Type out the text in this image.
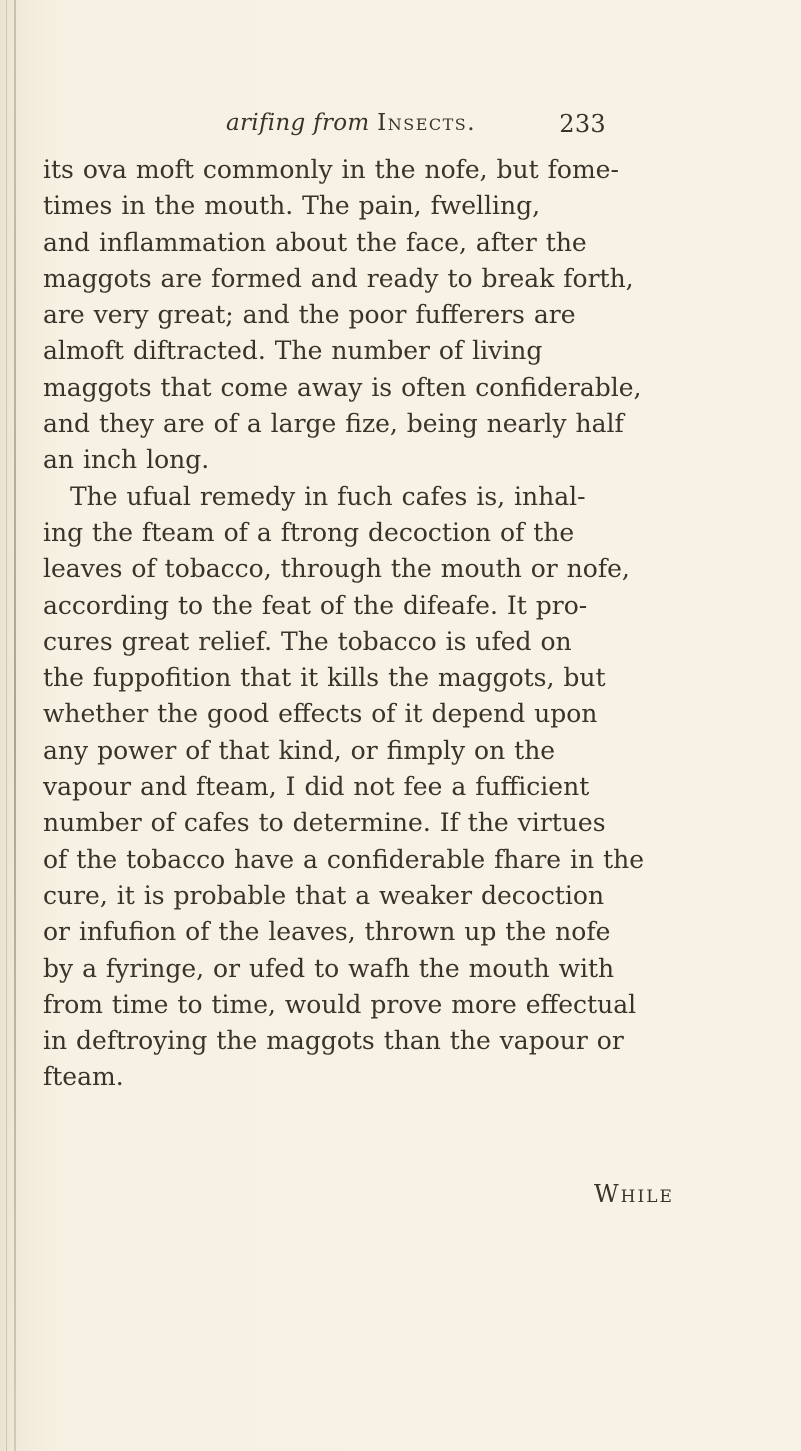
arifing from Insects.	233
its ova moft commonly in the nofe, but fome-
times in the mouth. The pain, fwelling,
and inflammation about the face, after the
maggots are formed and ready to break forth,
are very great; and the poor fufferers are
almoft diftracted. The number of living
maggots that come away is often confiderable,
and they are of a large fize, being nearly half
an inch long.
The ufual remedy in fuch cafes is, inhal-
ing the fteam of a ftrong decoction of the
leaves of tobacco, through the mouth or nofe,
according to the feat of the difeafe. It pro-
cures great relief. The tobacco is ufed on
the fuppofition that it kills the maggots, but
whether the good effects of it depend upon
any power of that kind, or fimply on the
vapour and fteam, I did not fee a fufficient
number of cafes to determine. If the virtues
of the tobacco have a confiderable fhare in the
cure, it is probable that a weaker decoction
or infufion of the leaves, thrown up the nofe
by a fyringe, or ufed to wafh the mouth with
from time to time, would prove more effectual
in deftroying the maggots than the vapour or
fteam.
While
